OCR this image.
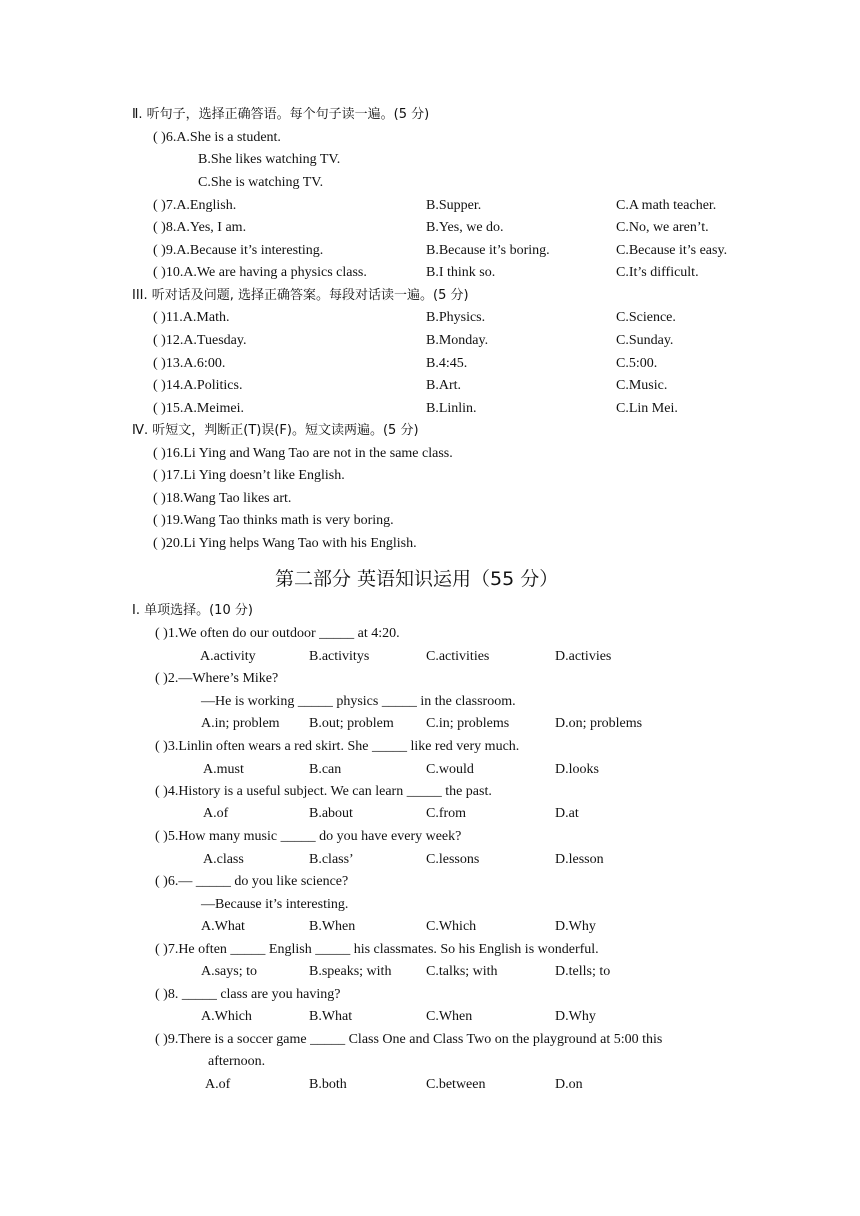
Ⅱ. 听句子，选择正确答语。每个句子读一遍。(5 分)
( )6.A.She is a student.
B.She likes watching TV.
C.She is watching TV.
( )7.A.English.	B.Supper.	C.A math teacher.
( )8.A.Yes, I am.	B.Yes, we do.	C.No, we aren’t.
( )9.A.Because it’s interesting.	B.Because it’s boring.	C.Because it’s easy.
( )10.A.We are having a physics class.	B.I think so.	C.It’s difficult.
III. 听对话及问题, 选择正确答案。每段对话读一遍。(5 分)
( )11.A.Math.	B.Physics.	C.Science.
( )12.A.Tuesday.	B.Monday.	C.Sunday.
( )13.A.6:00.	B.4:45.	C.5:00.
( )14.A.Politics.	B.Art.	C.Music.
( )15.A.Meimei.	B.Linlin.	C.Lin Mei.
Ⅳ. 听短文，判断正(T)误(F)。短文读两遍。(5 分)
( )16.Li Ying and Wang Tao are not in the same class.
( )17.Li Ying doesn’t like English.
( )18.Wang Tao likes art.
( )19.Wang Tao thinks math is very boring.
( )20.Li Ying helps Wang Tao with his English.
第二部分 英语知识运用（55 分）
Ⅰ. 单项选择。(10 分)
( )1.We often do our outdoor _____ at 4:20.
A.activity	B.activitys	C.activities	D.activies
( )2.—Where’s Mike?
—He is working _____ physics _____ in the classroom.
A.in; problem B.out; problem C.in; problems	D.on; problems
( )3.Linlin often wears a red skirt. She _____ like red very much.
A.must	B.can	C.would	D.looks
( )4.History is a useful subject. We can learn _____ the past.
A.of	B.about	C.from	D.at
( )5.How many music _____ do you have every week?
A.class	B.class’	C.lessons	D.lesson
( )6.— _____ do you like science?
—Because it’s interesting.
A.What	B.When	C.Which	D.Why
( )7.He often _____ English _____ his classmates. So his English is wonderful.
A.says; to	B.speaks; with C.talks; with	D.tells; to
( )8. _____ class are you having?
A.Which	B.What	C.When	D.Why
( )9.There is a soccer game _____ Class One and Class Two on the playground at 5:00 this
afternoon.
A.of	B.both	C.between	D.on
